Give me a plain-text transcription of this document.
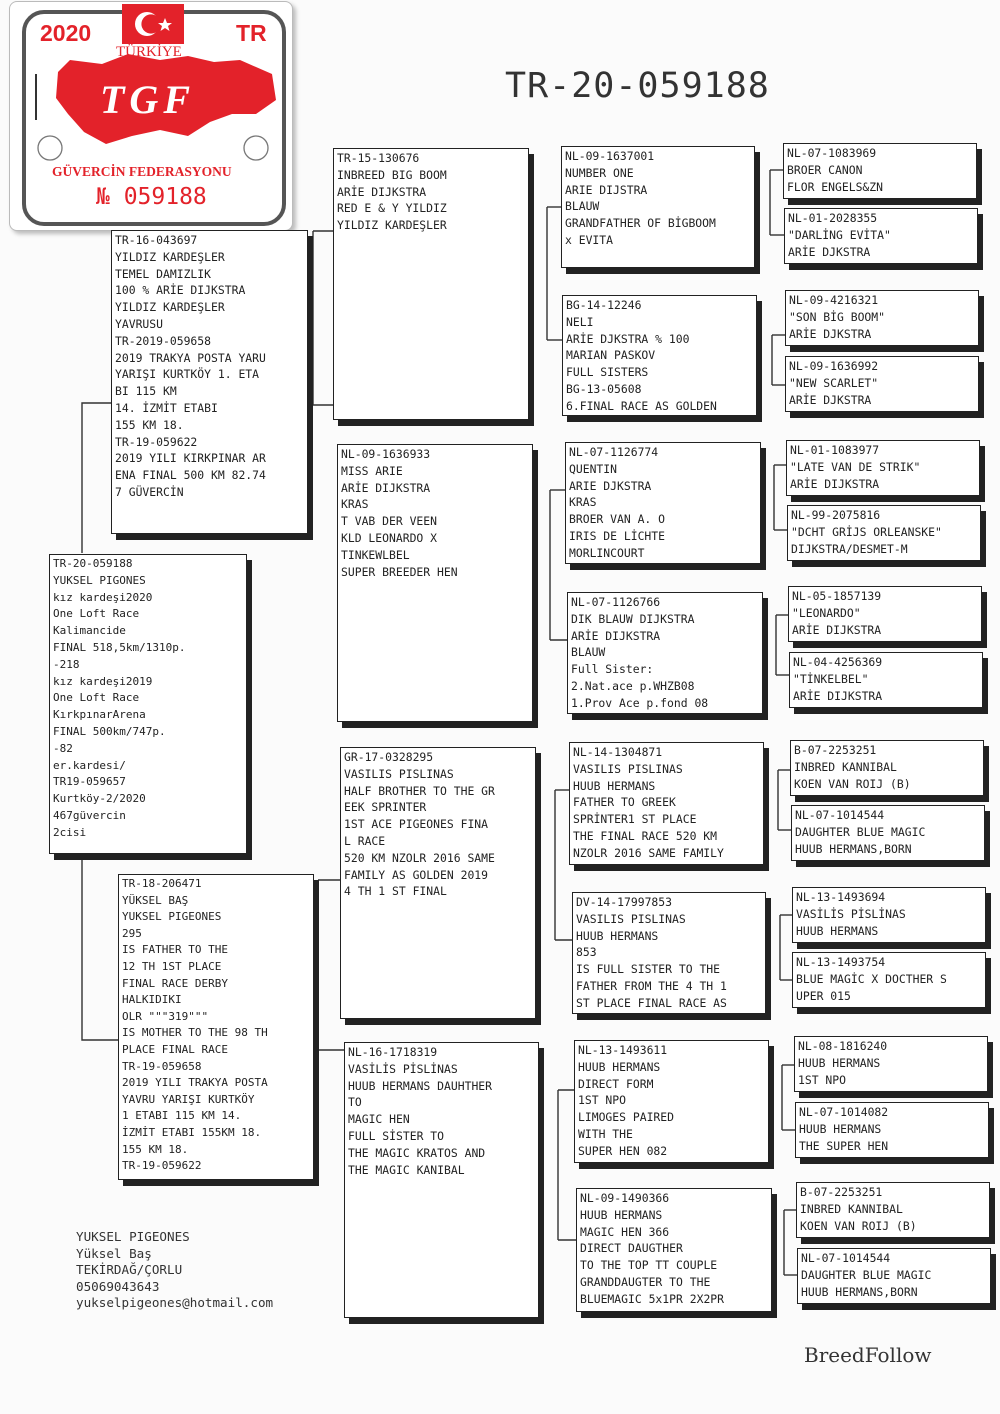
2020	TR
TÜRKİYE
TGF
GÜVERCİN FEDERASYONU
№ 059188
TR-20-059188
TR-20-059188
YUKSEL PIGONES
kız kardeşi2020
One Loft Race
Kalimancide
FINAL 518,5km/1310p.
-218
kız kardeşi2019
One Loft Race
KırkpınarArena
FINAL 500km/747p.
-82
er.kardesi/
TR19-059657
Kurtköy-2/2020
467güvercin
2cisi
TR-16-043697
YILDIZ KARDEŞLER
TEMEL DAMIZLIK
100 % ARİE DIJKSTRA
YILDIZ KARDEŞLER
YAVRUSU
TR-2019-059658
2019 TRAKYA POSTA YARU
YARIŞI KURTKÖY 1. ETA
BI 115 KM
14. İZMİT ETABI
155 KM 18.
TR-19-059622
2019 YILI KIRKPINAR AR
ENA FINAL 500 KM 82.74
7 GÜVERCİN
TR-18-206471
YÜKSEL BAŞ
YUKSEL PIGEONES
295
IS FATHER TO THE
12 TH 1ST PLACE
FINAL RACE DERBY
HALKIDIKI
OLR """319"""
IS MOTHER TO THE 98 TH
PLACE FINAL RACE
TR-19-059658
2019 YILI TRAKYA POSTA
YAVRU YARIŞI KURTKÖY
1 ETABI 115 KM 14.
İZMİT ETABI 155KM 18.
155 KM 18.
TR-19-059622
TR-15-130676
INBREED BIG BOOM
ARİE DIJKSTRA
RED E & Y YILDIZ
YILDIZ KARDEŞLER
NL-09-1636933
MISS ARIE
ARİE DIJKSTRA
KRAS
T VAB DER VEEN
KLD LEONARDO X
TINKEWLBEL
SUPER BREEDER HEN
GR-17-0328295
VASILIS PISLINAS
HALF BROTHER TO THE GR
EEK SPRINTER
1ST ACE PIGEONES FINA
L RACE
520 KM NZOLR 2016 SAME
FAMILY AS GOLDEN 2019
4 TH 1 ST FINAL
NL-16-1718319
VASİLİS PİSLİNAS
HUUB HERMANS DAUHTHER
TO
MAGIC HEN
FULL SİSTER TO
THE MAGIC KRATOS AND
THE MAGIC KANIBAL
NL-09-1637001
NUMBER ONE
ARIE DIJSTRA
BLAUW
GRANDFATHER OF BİGBOOM
x EVITA
BG-14-12246
NELI
ARİE DJKSTRA % 100
MARIAN PASKOV
FULL SISTERS
BG-13-05608
6.FINAL RACE AS GOLDEN
NL-07-1126774
QUENTIN
ARIE DJKSTRA
KRAS
BROER VAN A. O
IRIS DE LİCHTE
MORLINCOURT
NL-07-1126766
DIK BLAUW DIJKSTRA
ARİE DIJKSTRA
BLAUW
Full Sister:
2.Nat.ace p.WHZB08
1.Prov Ace p.fond 08
NL-14-1304871
VASILIS PISLINAS
HUUB HERMANS
FATHER TO GREEK
SPRİNTER1 ST PLACE
THE FINAL RACE 520 KM
NZOLR 2016 SAME FAMILY
DV-14-17997853
VASILIS PISLINAS
HUUB HERMANS
853
IS FULL SISTER TO THE
FATHER FROM THE 4 TH 1
ST PLACE FINAL RACE AS
NL-13-1493611
HUUB HERMANS
DIRECT FORM
1ST NPO
LIMOGES PAIRED
WITH THE
SUPER HEN 082
NL-09-1490366
HUUB HERMANS
MAGIC HEN 366
DIRECT DAUGTHER
TO THE TOP TT COUPLE
GRANDDAUGTER TO THE
BLUEMAGIC 5x1PR 2X2PR
NL-07-1083969
BROER CANON
FLOR ENGELS&ZN
NL-01-2028355
"DARLİNG EVİTA"
ARİE DJKSTRA
NL-09-4216321
"SON BİG BOOM"
ARİE DJKSTRA
NL-09-1636992
"NEW SCARLET"
ARİE DJKSTRA
NL-01-1083977
"LATE VAN DE STRIK"
ARİE DIJKSTRA
NL-99-2075816
"DCHT GRİJS ORLEANSKE"
DIJKSTRA/DESMET-M
NL-05-1857139
"LEONARDO"
ARİE DIJKSTRA
NL-04-4256369
"TİNKELBEL"
ARİE DIJKSTRA
B-07-2253251
INBRED KANNIBAL
KOEN VAN ROIJ (B)
NL-07-1014544
DAUGHTER BLUE MAGIC
HUUB HERMANS,BORN
NL-13-1493694
VASİLİS PİSLİNAS
HUUB HERMANS
NL-13-1493754
BLUE MAGİC X DOCTHER S
UPER 015
NL-08-1816240
HUUB HERMANS
1ST NPO
NL-07-1014082
HUUB HERMANS
THE SUPER HEN
B-07-2253251
INBRED KANNIBAL
KOEN VAN ROIJ (B)
NL-07-1014544
DAUGHTER BLUE MAGIC
HUUB HERMANS,BORN
YUKSEL PIGEONES
Yüksel Baş
TEKİRDAĞ/ÇORLU
05069043643
yukselpigeones@hotmail.com
BreedFollow
